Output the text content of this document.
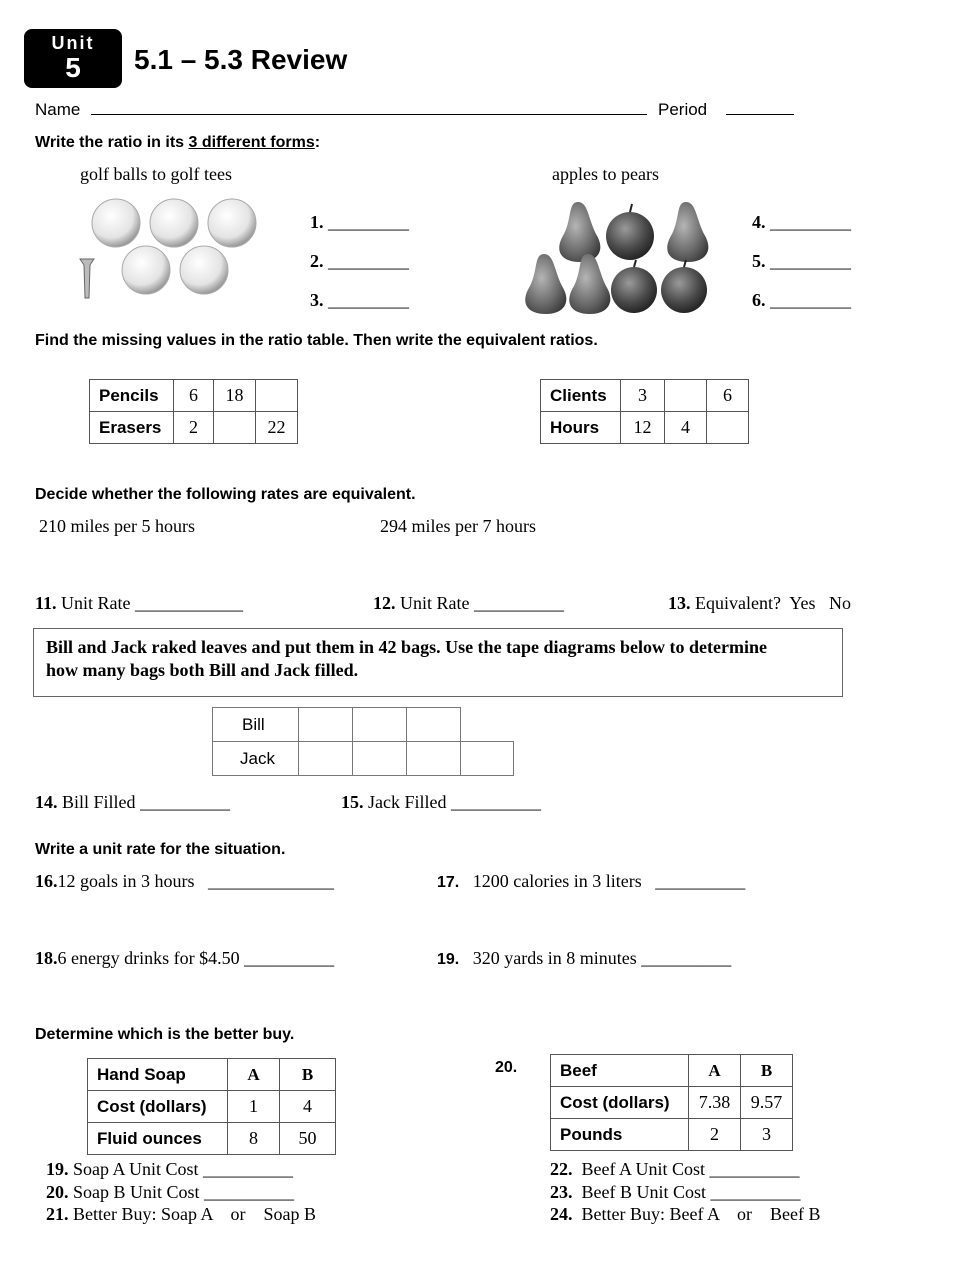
Unit
5	5.1 – 5.3 Review
Name	Period
Write the ratio in its 3 different forms:
golf balls to golf tees	apples to pears
1. _________
2. _________
3. _________
4. _________
5. _________
6. _________
Find the missing values in the ratio table. Then write the equivalent ratios.
Pencils	6	18	
Erasers	2		22
Clients	3		6
Hours	12	4	
Decide whether the following rates are equivalent.
210 miles per 5 hours	294 miles per 7 hours
11. Unit Rate ____________	12. Unit Rate __________	13. Equivalent?  Yes   No
Bill and Jack raked leaves and put them in 42 bags. Use the tape diagrams below to determine
how many bags both Bill and Jack filled.
Bill
Jack
14. Bill Filled __________	15. Jack Filled __________
Write a unit rate for the situation.
16.12 goals in 3 hours   ______________	17. 1200 calories in 3 liters   __________
18.6 energy drinks for $4.50 __________	19. 320 yards in 8 minutes __________
Determine which is the better buy.
Hand Soap	A	B
Cost (dollars)	1	4
Fluid ounces	8	50
20.	Beef	A	B
Cost (dollars)	7.38	9.57
Pounds	2	3
19. Soap A Unit Cost __________
20. Soap B Unit Cost __________
21. Better Buy: Soap A    or    Soap B
22. Beef A Unit Cost __________
23. Beef B Unit Cost __________
24. Better Buy: Beef A    or    Beef B
